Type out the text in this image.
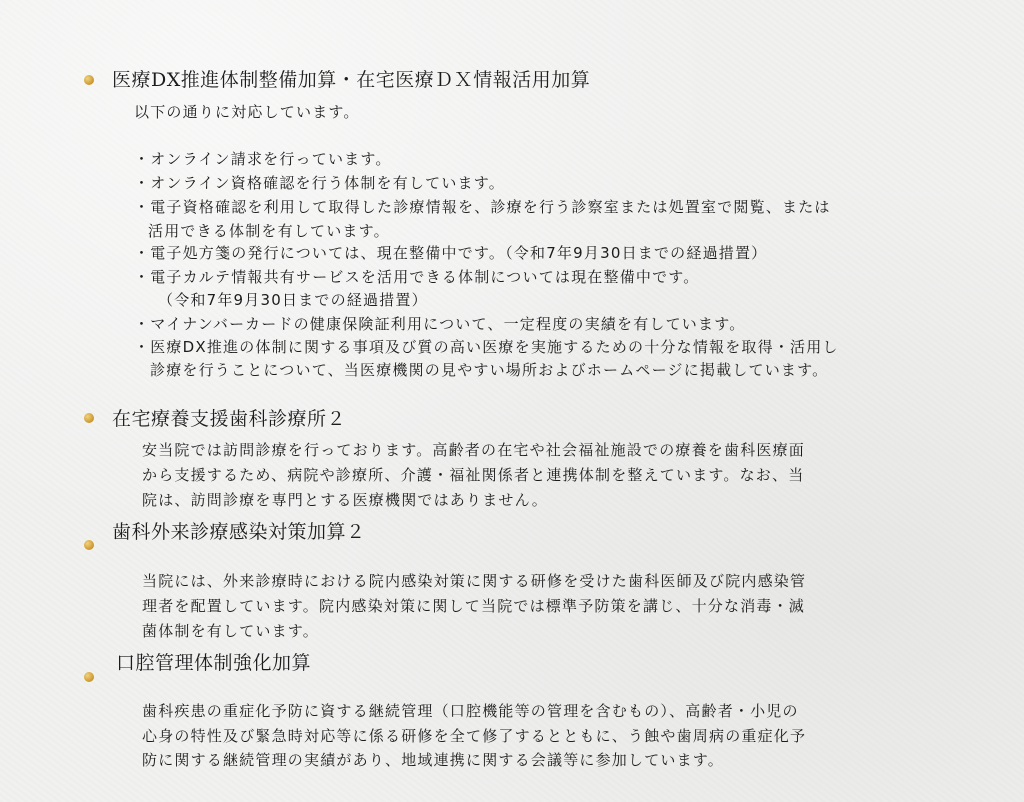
医療DX推進体制整備加算・在宅医療ＤＸ情報活用加算

以下の通りに対応しています。

・オンライン請求を行っています。

・オンライン資格確認を行う体制を有しています。

・電子資格確認を利用して取得した診療情報を、診療を行う診察室または処置室で閲覧、または

活用できる体制を有しています。

・電子処方箋の発行については、現在整備中です。（令和7年9月30日までの経過措置）

・電子カルテ情報共有サービスを活用できる体制については現在整備中です。

（令和7年9月30日までの経過措置）

・マイナンバーカードの健康保険証利用について、一定程度の実績を有しています。

・医療DX推進の体制に関する事項及び質の高い医療を実施するための十分な情報を取得・活用し

診療を行うことについて、当医療機関の見やすい場所およびホームページに掲載しています。

在宅療養支援歯科診療所２

安当院では訪問診療を行っております。高齢者の在宅や社会福祉施設での療養を歯科医療面

から支援するため、病院や診療所、介護・福祉関係者と連携体制を整えています。なお、当

院は、訪問診療を専門とする医療機関ではありません。

歯科外来診療感染対策加算２

当院には、外来診療時における院内感染対策に関する研修を受けた歯科医師及び院内感染管

理者を配置しています。院内感染対策に関して当院では標準予防策を講じ、十分な消毒・滅

菌体制を有しています。

口腔管理体制強化加算

歯科疾患の重症化予防に資する継続管理（口腔機能等の管理を含むもの）、高齢者・小児の

心身の特性及び緊急時対応等に係る研修を全て修了するとともに、う蝕や歯周病の重症化予

防に関する継続管理の実績があり、地域連携に関する会議等に参加しています。
